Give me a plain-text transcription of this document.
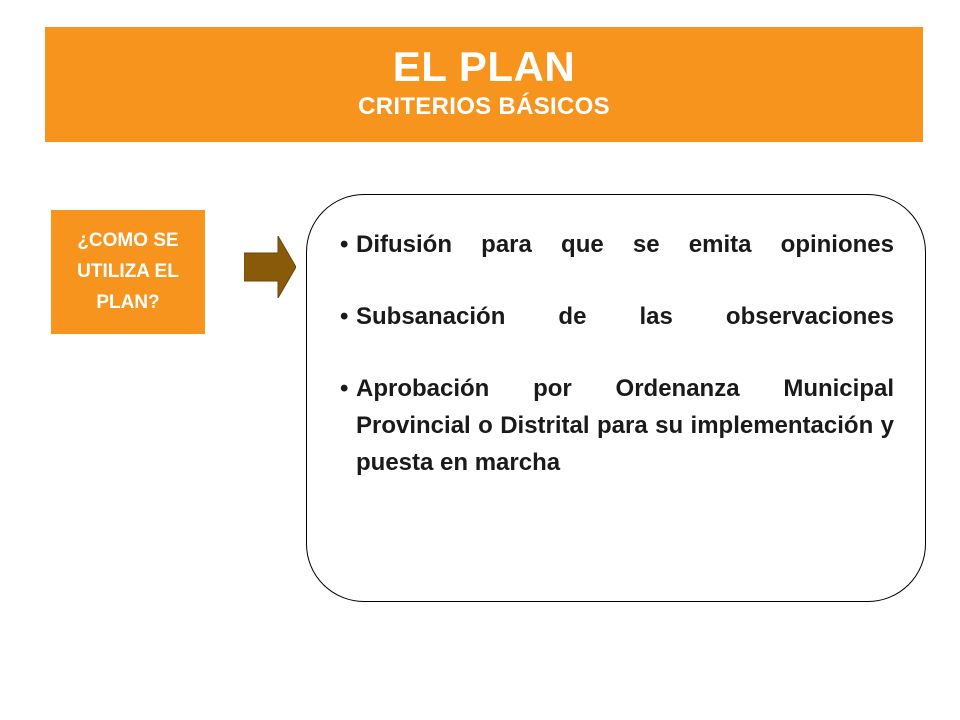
EL PLAN
CRITERIOS BÁSICOS
¿COMO SE
UTILIZA EL
PLAN?
• Difusión para que se emita opiniones
• Subsanación de las observaciones
• Aprobación por Ordenanza Municipal Provincial o Distrital para su implementación y puesta en marcha
